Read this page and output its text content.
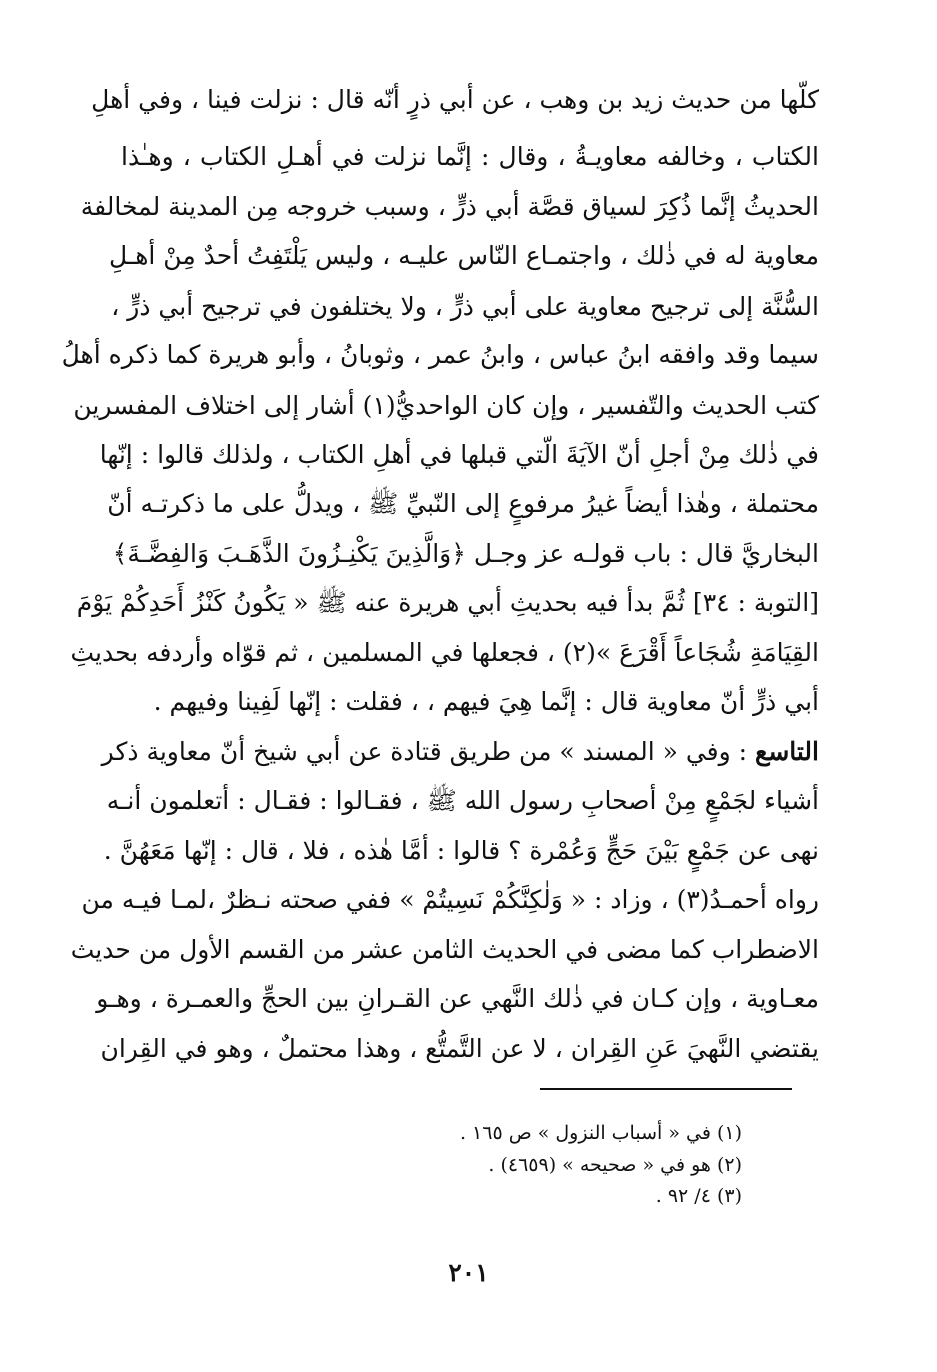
كلّها من حديث زيد بن وهب ، عن أبي ذرٍ أنّه قال : نزلت فينا ، وفي أهلِ
الكتاب ، وخالفه معاويـةُ ، وقال : إنَّما نزلت في أهـلِ الكتاب ، وهـٰذا
الحديثُ إنَّما ذُكِرَ لسياق قصَّة أبي ذرٍّ ، وسبب خروجه مِن المدينة لمخالفة
معاوية له في ذٰلك ، واجتمـاع النّاس عليـه ، وليس يَلْتَفِتُ أحدٌ مِنْ أهـلِ
السُّنَّة إلى ترجيح معاوية على أبي ذرٍّ ، ولا يختلفون في ترجيح أبي ذرٍّ ،
سيما وقد وافقه ابنُ عباس ، وابنُ عمر ، وثوبانُ ، وأبو هريرة كما ذكره أهلُ
كتب الحديث والتّفسير ، وإن كان الواحديُّ(١) أشار إلى اختلاف المفسرين
في ذٰلك مِنْ أجلِ أنّ الآيَةَ الّتي قبلها في أهلِ الكتاب ، ولذلك قالوا : إنّها
محتملة ، وهٰذا أيضاً غيرُ مرفوعٍ إلى النّبيِّ ﷺ ، ويدلُّ على ما ذكرتـه أنّ
البخاريَّ قال : باب قولـه عز وجـل ﴿وَالَّذِينَ يَكْنِـزُونَ الذَّهَـبَ وَالفِضَّـةَ﴾
[التوبة : ٣٤] ثُمَّ بدأ فيه بحديثِ أبي هريرة عنه ﷺ « يَكُونُ كَنْزُ أَحَدِكُمْ يَوْمَ
القِيَامَةِ شُجَاعاً أَقْرَعَ »(٢) ، فجعلها في المسلمين ، ثم قوّاه وأردفه بحديثِ
أبي ذرٍّ أنّ معاوية قال : إنَّما هِيَ فيهم ، ، فقلت : إنّها لَفِينا وفيهم .
التاسع : وفي « المسند » من طريق قتادة عن أبي شيخ أنّ معاوية ذكر
أشياء لجَمْعٍ مِنْ أصحابِ رسول الله ﷺ ، فقـالوا : فقـال : أتعلمون أنـه
نهى عن جَمْعٍ بَيْنَ حَجٍّ وَعُمْرة ؟ قالوا : أمَّا هٰذه ، فلا ، قال : إنّها مَعَهُنَّ .
رواه أحمـدُ(٣) ، وزاد : « وَلٰكِنَّكُمْ نَسِيتُمْ » ففي صحته نـظرٌ ،لمـا فيـه من
الاضطراب كما مضى في الحديث الثامن عشر من القسم الأول من حديث
معـاوية ، وإن كـان في ذٰلك النَّهي عن القـرانِ بين الحجِّ والعمـرة ، وهـو
يقتضي النَّهيَ عَنِ القِران ، لا عن التَّمتُّع ، وهذا محتملٌ ، وهو في القِران
(١) في « أسباب النزول » ص ١٦٥ .
(٢) هو في « صحيحه » (٤٦٥٩) .
(٣) ٤/ ٩٢ .
٢٠١
